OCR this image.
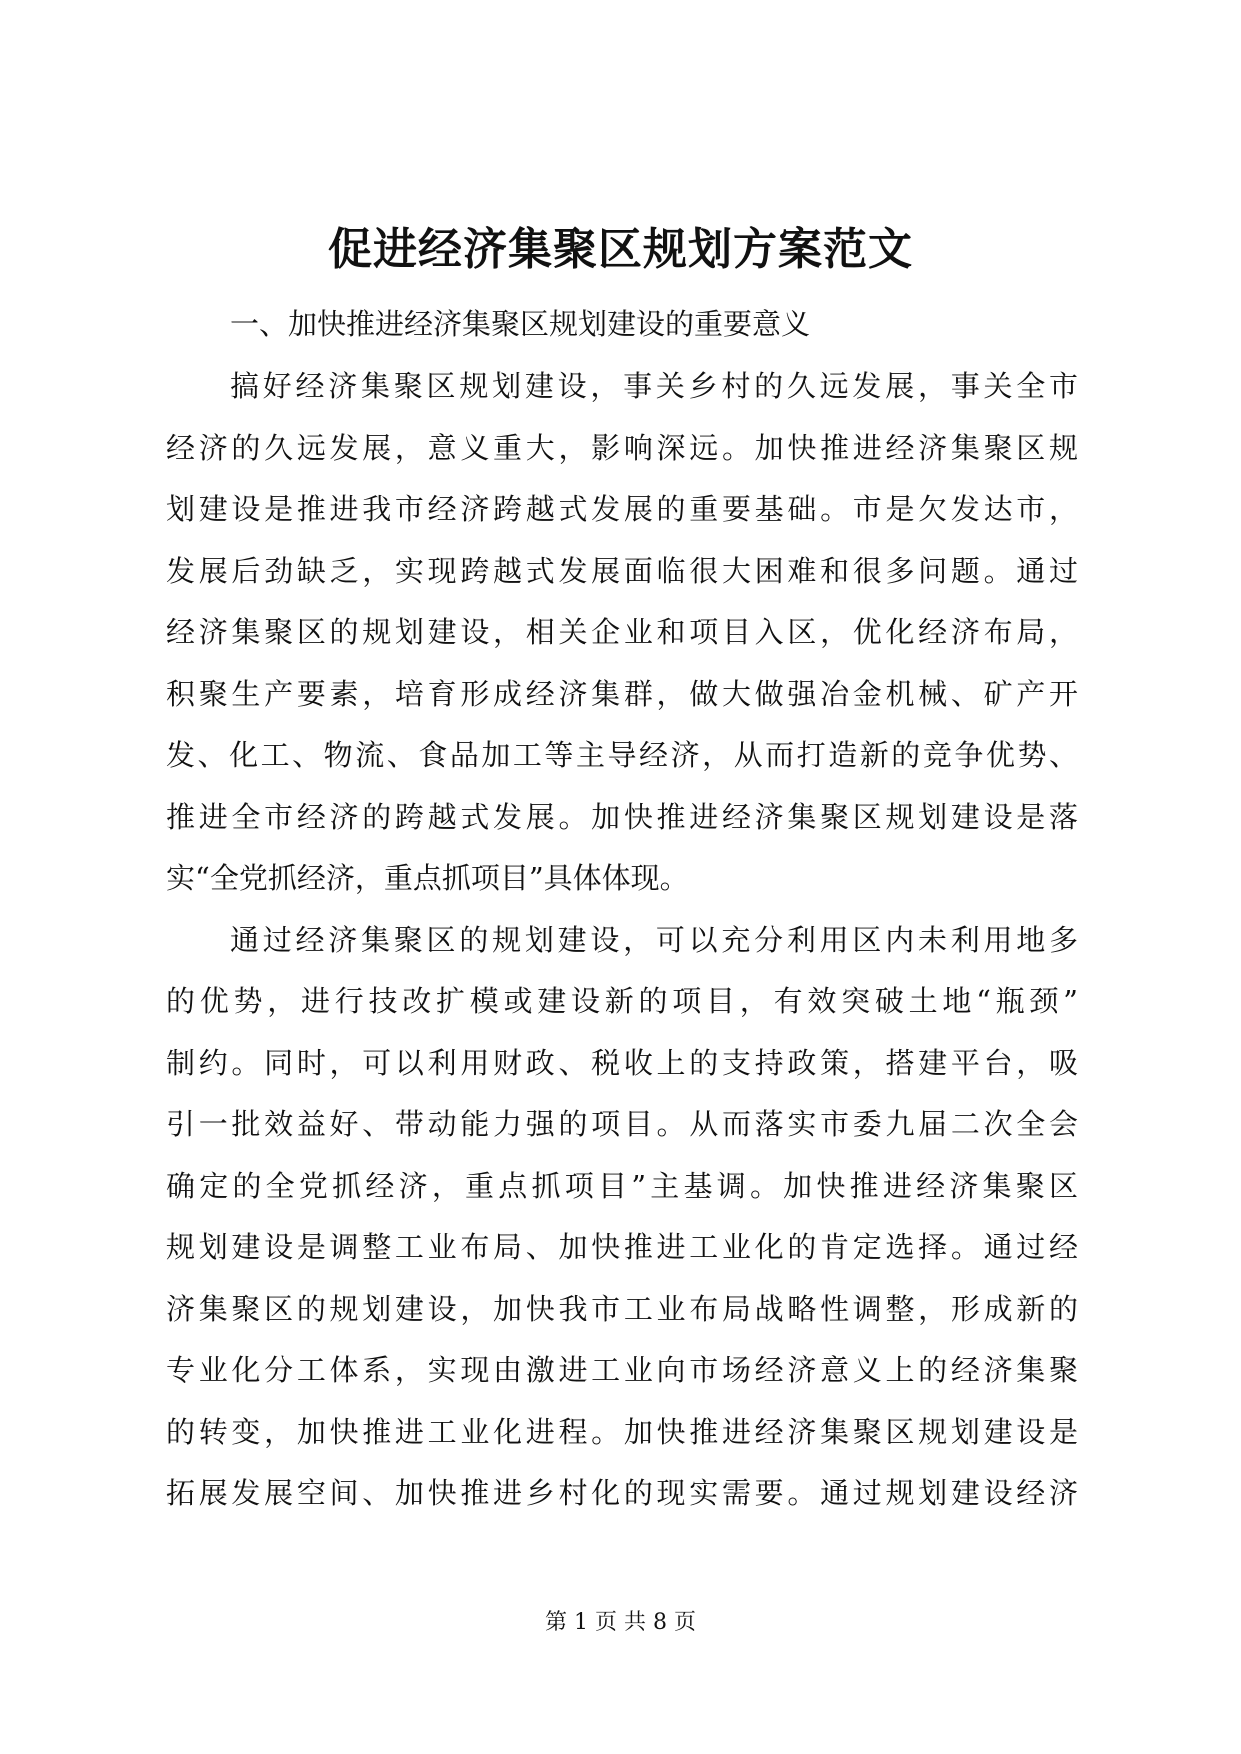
促进经济集聚区规划方案范文

一、加快推进经济集聚区规划建设的重要意义

搞好经济集聚区规划建设，事关乡村的久远发展，事关全市
经济的久远发展，意义重大，影响深远。加快推进经济集聚区规
划建设是推进我市经济跨越式发展的重要基础。市是欠发达市，
发展后劲缺乏，实现跨越式发展面临很大困难和很多问题。通过
经济集聚区的规划建设，相关企业和项目入区，优化经济布局，
积聚生产要素，培育形成经济集群，做大做强冶金机械、矿产开
发、化工、物流、食品加工等主导经济，从而打造新的竞争优势、
推进全市经济的跨越式发展。加快推进经济集聚区规划建设是落
实“全党抓经济，重点抓项目”具体体现。

通过经济集聚区的规划建设，可以充分利用区内未利用地多
的优势，进行技改扩模或建设新的项目，有效突破土地“瓶颈”
制约。同时，可以利用财政、税收上的支持政策，搭建平台，吸
引一批效益好、带动能力强的项目。从而落实市委九届二次全会
确定的全党抓经济，重点抓项目”主基调。加快推进经济集聚区
规划建设是调整工业布局、加快推进工业化的肯定选择。通过经
济集聚区的规划建设，加快我市工业布局战略性调整，形成新的
专业化分工体系，实现由激进工业向市场经济意义上的经济集聚
的转变，加快推进工业化进程。加快推进经济集聚区规划建设是
拓展发展空间、加快推进乡村化的现实需要。通过规划建设经济

第 1 页 共 8 页
